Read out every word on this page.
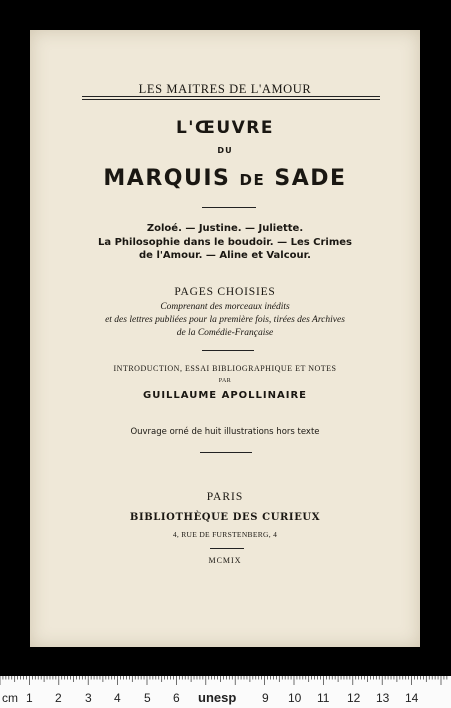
LES MAITRES DE L'AMOUR
L'ŒUVRE
DU
MARQUIS DE SADE
Zoloé. — Justine. — Juliette.
La Philosophie dans le boudoir. — Les Crimes
de l'Amour. — Aline et Valcour.
PAGES CHOISIES
Comprenant des morceaux inédits
et des lettres publiées pour la première fois, tirées des Archives
de la Comédie-Française
INTRODUCTION, ESSAI BIBLIOGRAPHIQUE ET NOTES
PAR
GUILLAUME APOLLINAIRE
Ouvrage orné de huit illustrations hors texte
PARIS
BIBLIOTHÈQUE DES CURIEUX
4, RUE DE FURSTENBERG, 4
MCMIX
cm 1 2 3 4 5 6 unesp 9 10 11 12 13 14
